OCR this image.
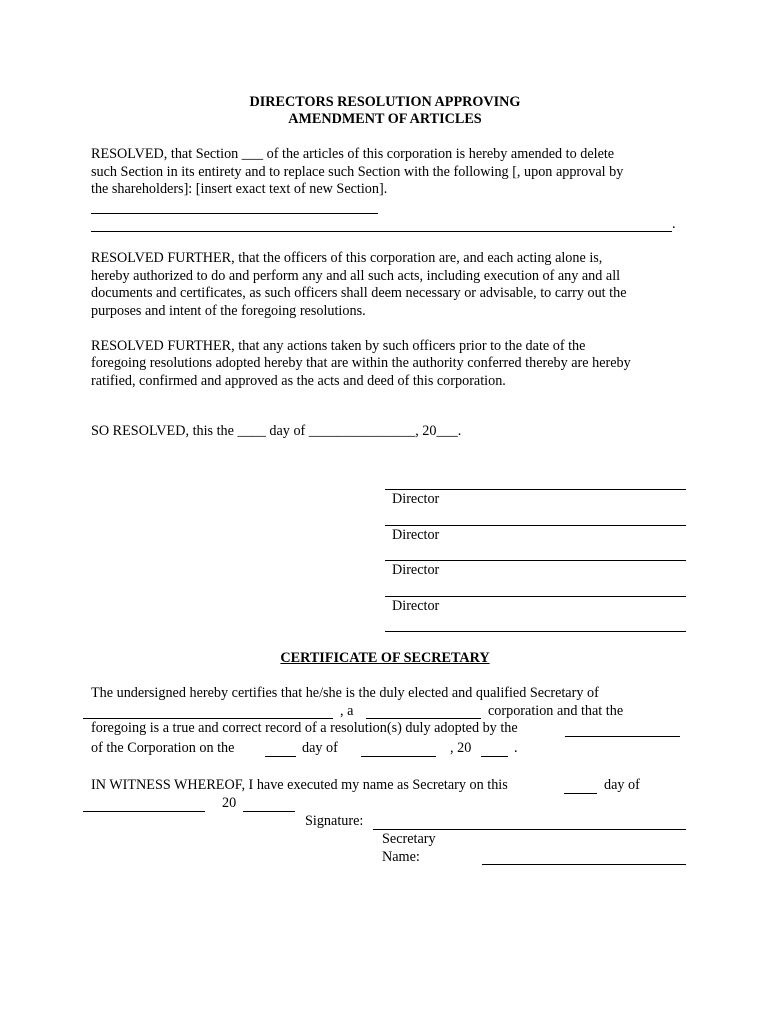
DIRECTORS RESOLUTION APPROVING
AMENDMENT OF ARTICLES
RESOLVED, that Section ___ of the articles of this corporation is hereby amended to delete
such Section in its entirety and to replace such Section with the following [, upon approval by
the shareholders]: [insert exact text of new Section].
.
RESOLVED FURTHER, that the officers of this corporation are, and each acting alone is,
hereby authorized to do and perform any and all such acts, including execution of any and all
documents and certificates, as such officers shall deem necessary or advisable, to carry out the
purposes and intent of the foregoing resolutions.
RESOLVED FURTHER, that any actions taken by such officers prior to the date of the
foregoing resolutions adopted hereby that are within the authority conferred thereby are hereby
ratified, confirmed and approved as the acts and deed of this corporation.
SO RESOLVED, this the ____ day of _______________, 20___.
Director
Director
Director
Director
CERTIFICATE OF SECRETARY
The undersigned hereby certifies that he/she is the duly elected and qualified Secretary of
, a	corporation and that the
foregoing is a true and correct record of a resolution(s) duly adopted by the
of the Corporation on the	day of	, 20	.
IN WITNESS WHEREOF, I have executed my name as Secretary on this	day of
20
Signature:
Secretary
Name:
